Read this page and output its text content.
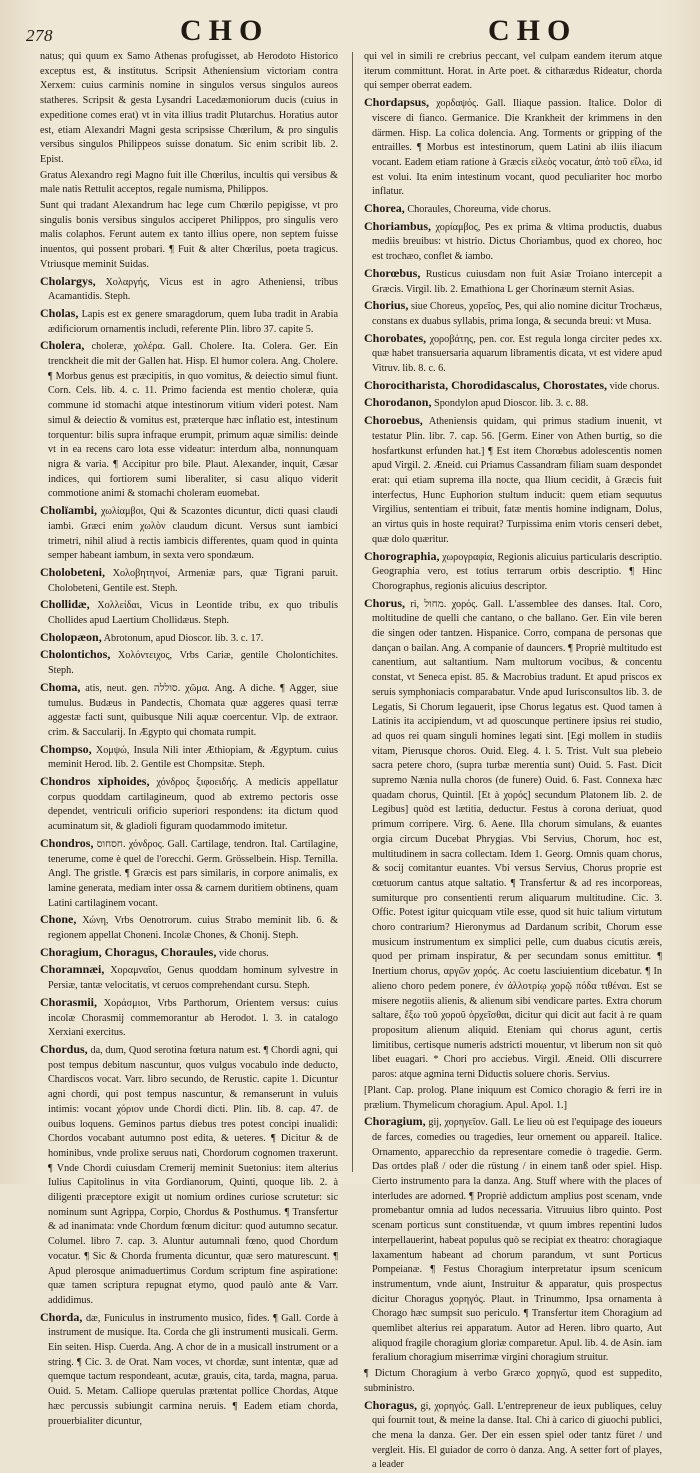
278	CHO	CHO

natus; qui quum ex Samo Athenas profugisset, ab Herodoto Historico exceptus est, & institutus. Scripsit Atheniensium victoriam contra Xerxem: cuius carminis nomine in singulos versus singulos aureos statheres. Scripsit & gesta Lysandri Lacedæmoniorum ducis (cuius in expeditione comes erat) vt in vita illius tradit Plutarchus. Horatius autor est, etiam Alexandri Magni gesta scripsisse Chœrilum, & pro singulis versibus singulos Philippeos suisse donatum. Sic enim scribit lib. 2. Epist.

Gratus Alexandro regi Magno fuit ille Chœrilus, incultis qui versibus & male natis Rettulit acceptos, regale numisma, Philippos.

Sunt qui tradant Alexandrum hac lege cum Chœrilo pepigisse, vt pro singulis bonis versibus singulos acciperet Philippos, pro singulis vero malis colaphos. Ferunt autem ex tanto illius opere, non septem fuisse inuentos, qui possent probari. ¶ Fuit & alter Chœrilus, poeta tragicus. Vtriusque meminit Suidas.

Cholargys, Χολαργής, Vicus est in agro Atheniensi, tribus Acamantidis. Steph.

Cholas, Lapis est ex genere smaragdorum, quem Iuba tradit in Arabia ædificiorum ornamentis includi, referente Plin. libro 37. capite 5.

Cholera, choleræ, χολέρα. Gall. Cholere. Ita. Colera. Ger. Ein trenckheit die mit der Gallen hat. Hisp. El humor colera. Ang. Cholere. ¶ Morbus genus est præcipitis, in quo vomitus, & deiectio simul fiunt. Corn. Cels. lib. 4. c. 11. Primo facienda est mentio choleræ, quia commune id stomachi atque intestinorum vitium videri potest. Nam simul & deiectio & vomitus est, præterque hæc inflatio est, intestinum torquentur: bilis supra infraque erumpit, primum aquæ similis: deinde vt in ea recens caro lota esse videatur: interdum alba, nonnunquam nigra & varia. ¶ Accipitur pro bile. Plaut. Alexander, inquit, Cæsar indices, qui fortiorem sumi liberaliter, si casu aliquo viderit commotione animi & stomachi choleram euomebat.

Cholïambi, χωλίαμβοι, Qui & Scazontes dicuntur, dicti quasi claudi iambi. Græci enim χωλὸν claudum dicunt. Versus sunt iambici trimetri, nihil aliud à rectis iambicis differentes, quam quod in quinta semper habeant iambum, in sexta vero spondæum.

Cholobeteni, Χολοβητηνοί, Armeniæ pars, quæ Tigrani paruit. Cholobeteni, Gentile est. Steph.

Chollidæ, Χολλείδαι, Vicus in Leontide tribu, ex quo tribulis Chollides apud Laertium Chollidæus. Steph.

Cholopæon, Abrotonum, apud Dioscor. lib. 3. c. 17.

Cholontichos, Χολόντειχος, Vrbs Cariæ, gentile Cholontichites. Steph.

Choma, atis, neut. gen. סוללה. χῶμα. Ang. A diche. ¶ Agger, siue tumulus. Budæus in Pandectis, Chomata quæ aggeres quasi terræ aggestæ facti sunt, quibusque Nili aquæ coercentur. Vlp. de extraor. crim. & Saccularij. In Ægypto qui chomata rumpit.

Chompso, Χομψώ, Insula Nili inter Æthiopiam, & Ægyptum. cuius meminit Herod. lib. 2. Gentile est Chompsitæ. Steph.

Chondros xiphoides, χόνδρος ξιφοειδής. A medicis appellatur corpus quoddam cartilagineum, quod ab extremo pectoris osse dependet, ventriculi orificio superiori respondens: ita dictum quod acuminatum sit, & gladioli figuram quodammodo imitetur.

Chondros, חסחוס. χόνδρος. Gall. Cartilage, tendron. Ital. Cartilagine, tenerume, come è quel de l'orecchi. Germ. Grösselbein. Hisp. Ternilla. Angl. The gristle. ¶ Græcis est pars similaris, in corpore animalis, ex lamine generata, mediam inter ossa & carnem duritiem obtinens, quam Latini cartilaginem vocant.

Chone, Χώνη, Vrbs Oenotrorum. cuius Strabo meminit lib. 6. & regionem appellat Choneni. Incolæ Chones, & Chonij. Steph.

Choragium, Choragus, Choraules, vide chorus.

Choramnæi, Χοραμναῖοι, Genus quoddam hominum sylvestre in Persiæ, tantæ velocitatis, vt ceruos comprehendant cursu. Steph.

Chorasmii, Χοράσμιοι, Vrbs Parthorum, Orientem versus: cuius incolæ Chorasmij commemorantur ab Herodot. l. 3. in catalogo Xerxiani exercitus.

Chordus, da, dum, Quod serotina fœtura natum est. ¶ Chordi agni, qui post tempus debitum nascuntur, quos vulgus vocabulo inde deducto, Chardiscos vocat. Varr. libro secundo, de Rerustic. capite 1. Dicuntur agni chordi, qui post tempus nascuntur, & remanserunt in vuluis intimis: vocant χόριον unde Chordi dicti. Plin. lib. 8. cap. 47. de ouibus loquens. Geminos partus diebus tres potest concipi inualidi: Chordos vocabant autumno post edita, & ueteres. ¶ Dicitur & de hominibus, vnde prolixe seruus nati, Chordorum cognomen traxerunt. ¶ Vnde Chordi cuiusdam Cremerij meminit Suetonius: item alterius Iulius Capitolinus in vita Gordianorum, Quinti, quoque lib. 2. à diligenti præceptore exigit ut nomium ordines curiose scrutetur: sic nominum sunt Agrippa, Corpio, Chordus & Posthumus. ¶ Transfertur & ad inanimata: vnde Chordum fœnum dicitur: quod autumno secatur. Columel. libro 7. cap. 3. Aluntur autumnali fœno, quod Chordum vocatur. ¶ Sic & Chorda frumenta dicuntur, quæ sero maturescunt. ¶ Apud plerosque animaduertimus Cordum scriptum fine aspiratione: quæ tamen scriptura repugnat etymo, quod paulò ante & Varr. addidimus.

Chorda, dæ, Funiculus in instrumento musico, fides. ¶ Gall. Corde à instrument de musique. Ita. Corda che gli instrumenti musicali. Germ. Ein seiten. Hisp. Cuerda. Ang. A chor de in a musicall instrument or a string. ¶ Cic. 3. de Orat. Nam voces, vt chordæ, sunt intentæ, quæ ad quemque tactum respondeant, acutæ, grauis, cita, tarda, magna, parua. Ouid. 5. Metam. Calliope querulas prætentat pollice Chordas, Atque hæc percussis subiungit carmina neruis. ¶ Eadem etiam chorda, prouerbialiter dicuntur,

qui vel in simili re crebrius peccant, vel culpam eandem iterum atque iterum committunt. Horat. in Arte poet. & citharædus Rideatur, chorda qui semper oberrat eadem.

Chordapsus, χορδαψός. Gall. Iliaque passion. Italice. Dolor di viscere di fianco. Germanice. Die Krankheit der krimmens in den därmen. Hisp. La colica dolencia. Ang. Torments or gripping of the entrailles. ¶ Morbus est intestinorum, quem Latini ab iliis iliacum vocant. Eadem etiam ratione à Græcis εἰλεὸς vocatur, ἀπὸ τοῦ εἴλω, id est volui. Ita enim intestinum vocant, quod peculiariter hoc morbo inflatur.

Chorea, Choraules, Choreuma, vide chorus.

Choriambus, χορίαμβος, Pes ex prima & vltima productis, duabus mediis breuibus: vt histrio. Dictus Choriambus, quod ex choreo, hoc est trochæo, conflet & iambo.

Chorœbus, Rusticus cuiusdam non fuit Asiæ Troiano intercepit a Græcis. Virgil. lib. 2. Emathiona L ger Chorinæum sternit Asias.

Chorius, siue Choreus, χορεῖος, Pes, qui alio nomine dicitur Trochæus, constans ex duabus syllabis, prima longa, & secunda breui: vt Musa.

Chorobates, χοροβάτης, pen. cor. Est regula longa circiter pedes xx. quæ habet transuersaria aquarum libramentis dicata, vt est videre apud Vitruv. lib. 8. c. 6.

Chorocitharista, Chorodidascalus, Chorostates, vide chorus.

Chorodanon, Spondylon apud Dioscor. lib. 3. c. 88.

Choroebus, Atheniensis quidam, qui primus stadium inuenit, vt testatur Plin. libr. 7. cap. 56. [Germ. Einer von Athen burtig, so die hosfartkunst erfunden hat.] ¶ Est item Chorœbus adolescentis nomen apud Virgil. 2. Æneid. cui Priamus Cassandram filiam suam despondet erat: qui etiam suprema illa nocte, qua Ilium cecidit, à Græcis fuit interfectus, Hunc Euphorion stultum inducit: quem etiam sequutus Virgilius, sententiam ei tribuit, fatæ mentis homine indignam, Dolus, an virtus quis in hoste requirat? Turpissima enim vtoris censeri debet, quæ dolo quæritur.

Chorographia, χωρογραφία, Regionis alicuius particularis descriptio. Geographia vero, est totius terrarum orbis descriptio. ¶ Hinc Chorographus, regionis alicuius descriptor.

Chorus, ri, מחול. χορός. Gall. L'assemblee des danses. Ital. Coro, moltitudine de quelli che cantano, o che ballano. Ger. Ein vile beren die singen oder tantzen. Hispanice. Corro, compana de personas que dançan o bailan. Ang. A companie of dauncers. ¶ Propriè multitudo est canentium, aut saltantium. Nam multorum vocibus, & concentu constat, vt Seneca epist. 85. & Macrobius tradunt. Et apud priscos ex seruis symphoniacis comparabatur. Vnde apud Iurisconsultos lib. 3. de Legatis, Si Chorum legauerit, ipse Chorus legatus est. Quod tamen à Latinis ita accipiendum, vt ad quoscunque pertinere ipsius rei studio, ad quos rei quam singuli homines legati sint. [Egi mollem in studiis vitam, Pierusque choros. Ouid. Eleg. 4. l. 5. Trist. Vult sua plebeio sacra petere choro, (supra turbæ merentia sunt) Ouid. 5. Fast. Dicit supremo Nænia nulla choros (de funere) Ouid. 6. Fast. Connexa hæc quadam chorus, Quintil. [Et à χορός] secundum Platonem lib. 2. de Legibus] quòd est lætitia, deductur. Festus à corona deriuat, quod primum corripere. Virg. 6. Aene. Illa chorum simulans, & euantes orgia circum Ducebat Phrygias. Vbi Servius, Chorum, hoc est, multitudinem in sacra collectam. Idem 1. Georg. Omnis quam chorus, & socij comitantur euantes. Vbi versus Servius, Chorus proprie est cœtuorum cantus atque saltatio. ¶ Transfertur & ad res incorporeas, sumiturque pro consentienti rerum aliquarum multitudine. Cic. 3. Offic. Potest igitur quicquam vtile esse, quod sit huic talium virtutum choro contrarium? Hieronymus ad Dardanum scribit, Chorum esse musicum instrumentum ex simplici pelle, cum duabus cicutis æreis, quod per primam inspiratur, & per secundam sonus emittitur. ¶ Inertium chorus, αργῶν χορός. Ac coetu lasciuientium dicebatur. ¶ In alieno choro pedem ponere, ἐν ἀλλοτρίῳ χορῷ πόδα τιθέναι. Est se misere negotiis alienis, & alienum sibi vendicare partes. Extra chorum saltare, ἔξω τοῦ χοροῦ ὀρχεῖσθαι, dicitur qui dicit aut facit à re quam propositum alienum aliquid. Eteniam qui chorus agunt, certis limitibus, certisque numeris adstricti mouentur, vt liberum non sit quò libet euagari. * Chori pro acciebus. Virgil. Æneid. Olli discurrere paros: atque agmina terni Diductis soluere choris. Servius.

[Plant. Cap. prolog. Plane iniquum est Comico choragio & ferri ire in prælium. Thymelicum choragium. Apul. Apol. 1.]

Choragium, gij, χορηγεῖον. Gall. Le lieu où est l'equipage des ioueurs de farces, comedies ou tragedies, leur ornement ou appareil. Italice. Ornamento, apparecchio da representare comedie ò tragedie. Germ. Das ortdes plaß / oder die rüstung / in einem tanß oder spiel. Hisp. Cierto instrumento para la danza. Ang. Stuff where with the places of interludes are adorned. ¶ Propriè addictum amplius post scenam, vnde promebantur omnia ad ludos necessaria. Vitruuius libro quinto. Post scenam porticus sunt constituendæ, vt quum imbres repentini ludos interpellauerint, habeat populus quò se recipiat ex theatro: choragiaque laxamentum habeant ad chorum parandum, vt sunt Porticus Pompeianæ. ¶ Festus Choragium interpretatur ipsum scenicum instrumentum, vnde aiunt, Instruitur & apparatur, quis prospectus dicitur Choragus χορηγός. Plaut. in Trinummo, Ipsa ornamenta à Chorago hæc sumpsit suo periculo. ¶ Transfertur item Choragium ad quemlibet alterius rei apparatum. Autor ad Heren. libro quarto, Aut aliquod fragile choragium gloriæ comparetur. Apul. lib. 4. de Asin. iam feralium choragium miserrimæ virgini choragium struitur.

¶ Dictum Choragium à verbo Græco χορηγῶ, quod est suppedito, subministro.

Choragus, gi, χορηγός. Gall. L'entrepreneur de ieux publiques, celuy qui fournit tout, & meine la danse. Ital. Chi à carico di giuochi publici, che mena la danza. Ger. Der ein essen spiel oder tantz füret / und vergleit. His. El guiador de corro ò danza. Ang. A setter fort of playes, a leader
